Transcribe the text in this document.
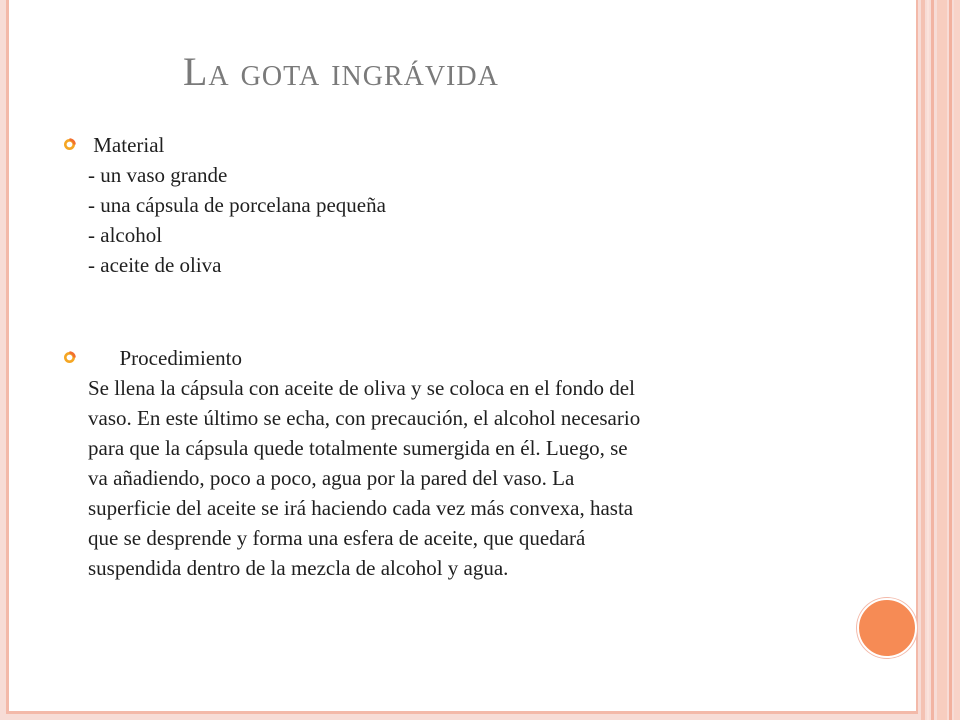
La gota ingrávida
Material
- un vaso grande
- una cápsula de porcelana pequeña
- alcohol
- aceite de oliva
Procedimiento
Se llena la cápsula con aceite de oliva y se coloca en el fondo del
vaso. En este último se echa, con precaución, el alcohol necesario
para que la cápsula quede totalmente sumergida en él. Luego, se
va añadiendo, poco a poco, agua por la pared del vaso. La
superficie del aceite se irá haciendo cada vez más convexa, hasta
que se desprende y forma una esfera de aceite, que quedará
suspendida dentro de la mezcla de alcohol y agua.
